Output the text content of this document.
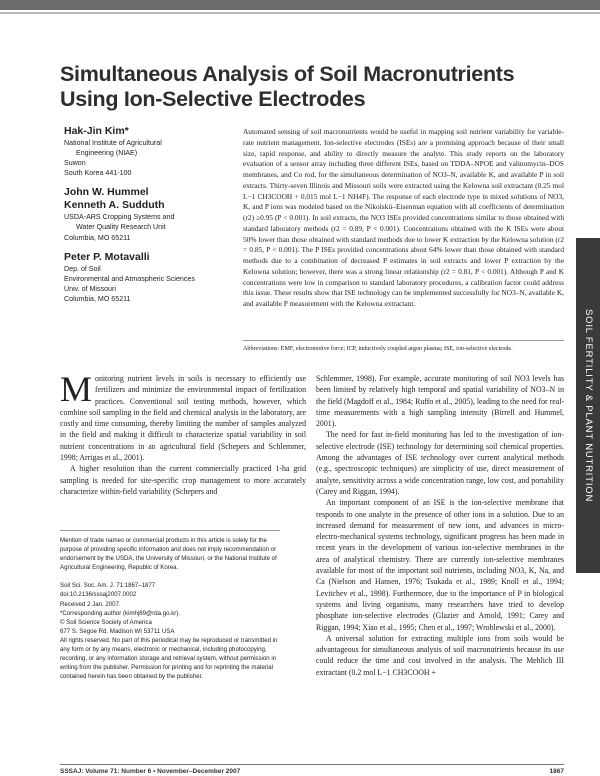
Simultaneous Analysis of Soil Macronutrients Using Ion-Selective Electrodes
Hak-Jin Kim*
National Institute of Agricultural
Engineering (NIAE)
Suwon
South Korea 441-100
John W. Hummel
Kenneth A. Sudduth
USDA-ARS Cropping Systems and
Water Quality Research Unit
Columbia, MO 65211
Peter P. Motavalli
Dep. of Soil
Environmental and Atmospheric Sciences
Univ. of Missouri
Columbia, MO 65211
Automated sensing of soil macronutrients would be useful in mapping soil nutrient variability for variable-rate nutrient management. Ion-selective electrodes (ISEs) are a promising approach because of their small size, rapid response, and ability to directly measure the analyte. This study reports on the laboratory evaluation of a sensor array including three different ISEs, based on TDDA–NPOE and valinomycin–DOS membranes, and Co rod, for the simultaneous determination of NO3–N, available K, and available P in soil extracts. Thirty-seven Illinois and Missouri soils were extracted using the Kelowna soil extractant (0.25 mol L−1 CH3COOH + 0.015 mol L−1 NH4F). The response of each electrode type in mixed solutions of NO3, K, and P ions was modeled based on the Nikolskii–Eisenman equation with all coefficients of determination (r2) ≥0.95 (P < 0.001). In soil extracts, the NO3 ISEs provided concentrations similar to those obtained with standard laboratory methods (r2 = 0.89, P < 0.001). Concentrations obtained with the K ISEs were about 50% lower than those obtained with standard methods due to lower K extraction by the Kelowna solution (r2 = 0.85, P < 0.001). The P ISEs provided concentrations about 64% lower than those obtained with standard methods due to a combination of decreased P estimates in soil extracts and lower P extraction by the Kelowna solution; however, there was a strong linear relationship (r2 = 0.81, P < 0.001). Although P and K concentrations were low in comparison to standard laboratory procedures, a calibration factor could address this issue. These results show that ISE technology can be implemented successfully for NO3–N, available K, and available P measurement with the Kelowna extractant.
Abbreviations: EMF, electromotive force; ICP, inductively coupled argon plasma; ISE, ion-selective electrode.	SOIL FERTILITY & PLANT NUTRITION

Monitoring nutrient levels in soils is necessary to efficiently use fertilizers and minimize the environmental impact of fertilization practices. Conventional soil testing methods, however, which combine soil sampling in the field and chemical analysis in the laboratory, are costly and time consuming, thereby limiting the number of samples analyzed in the field and making it difficult to characterize spatial variability in soil nutrient concentrations in an agricultural field (Schepers and Schlemmer, 1998; Arrigas et al., 2001).

A higher resolution than the current commercially practiced 1-ha grid sampling is needed for site-specific crop management to more accurately characterize within-field variability (Schepers and

Mention of trade names or commercial products in this article is solely for the purpose of providing specific information and does not imply recommendation or endorsement by the USDA, the University of Missouri, or the National Institute of Agricultural Engineering, Republic of Korea.
Soil Sci. Soc. Am. J. 71:1867–1877
doi:10.2136/sssaj2007.0002
Received 2 Jan. 2007.
*Corresponding author (kimhj69@rda.go.kr).
© Soil Science Society of America
677 S. Segoe Rd. Madison WI 53711 USA
All rights reserved. No part of this periodical may be reproduced or transmitted in any form or by any means, electronic or mechanical, including photocopying, recording, or any information storage and retrieval system, without permission in writing from the publisher. Permission for printing and for reprinting the material contained herein has been obtained by the publisher.

Schlemmer, 1998). For example, accurate monitoring of soil NO3 levels has been limited by relatively high temporal and spatial variability of NO3–N in the field (Magdoff et al., 1984; Ruffo et al., 2005), leading to the need for real-time measurements with a high sampling intensity (Birrell and Hummel, 2001).

The need for fast in-field monitoring has led to the investigation of ion-selective electrode (ISE) technology for determining soil chemical properties. Among the advantages of ISE technology over current analytical methods (e.g., spectroscopic techniques) are simplicity of use, direct measurement of analyte, sensitivity across a wide concentration range, low cost, and portability (Carey and Riggan, 1994).

An important component of an ISE is the ion-selective membrane that responds to one analyte in the presence of other ions in a solution. Due to an increased demand for measurement of new ions, and advances in micro-electro-mechanical systems technology, significant progress has been made in recent years in the development of various ion-selective membranes in the area of analytical chemistry. There are currently ion-selective membranes available for most of the important soil nutrients, including NO3, K, Na, and Ca (Nielson and Hansen, 1976; Tsukada et al., 1989; Knoll et al., 1994; Levitchev et al., 1998). Furthermore, due to the importance of P in biological systems and living organisms, many researchers have tried to develop phosphate ion-selective electrodes (Glazier and Arnold, 1991; Carey and Riggan, 1994; Xiao et al., 1995; Chen et al., 1997; Wroblewski et al., 2000).

A universal solution for extracting multiple ions from soils would be advantageous for simultaneous analysis of soil macronutrients because its use could reduce the time and cost involved in the analysis. The Mehlich III extractant (0.2 mol L−1 CH3COOH +

SSSAJ: Volume 71: Number 6 • November–December 2007	1867
